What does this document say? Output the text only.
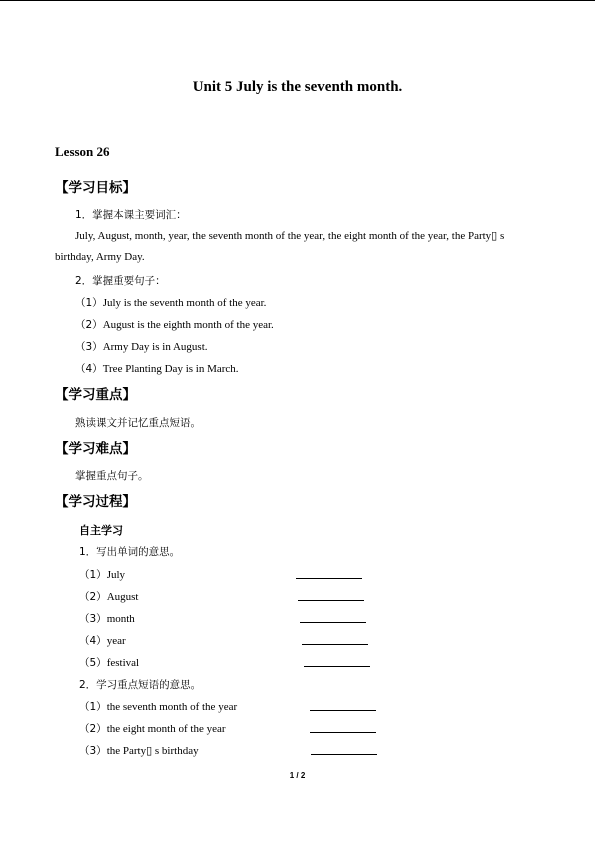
Unit 5 July is the seventh month.
Lesson 26
【学习目标】
1．掌握本课主要词汇：
July, August, month, year, the seventh month of the year, the eight month of the year, the Party▯ s
birthday, Army Day.
2．掌握重要句子：
（1）July is the seventh month of the year.
（2）August is the eighth month of the year.
（3）Army Day is in August.
（4）Tree Planting Day is in March.
【学习重点】
熟读课文并记忆重点短语。
【学习难点】
掌握重点句子。
【学习过程】
自主学习
1．写出单词的意思。
（1）July
（2）August
（3）month
（4）year
（5）festival
2．学习重点短语的意思。
（1）the seventh month of the year
（2）the eight month of the year
（3）the Party▯ s birthday
1 / 2
